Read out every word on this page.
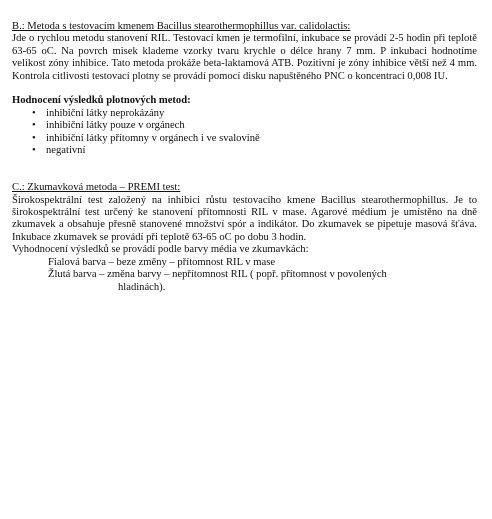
B.: Metoda s testovacím kmenem Bacillus stearothermophillus var. calidolactis:

Jde o rychlou metodu stanovení RIL. Testovací kmen je termofilní, inkubace se provádí 2-5 hodin při teplotě 63-65 oC. Na povrch misek klademe vzorky tvaru krychle o délce hrany 7 mm. P inkubaci hodnotíme velikost zóny inhibice. Tato metoda prokáže beta-laktamová ATB. Pozitivní je zóny inhibice větší než 4 mm. Kontrola citlivosti testovací plotny se provádí pomocí disku napuštěného PNC o koncentraci 0,008 IU.

Hodnocení výsledků plotnových metod:

• inhibiční látky neprokázány
• inhibiční látky pouze v orgánech
• inhibiční látky přítomny v orgánech i ve svalovině
• negativní

C.: Zkumavková metoda – PREMI test:

Širokospektrální test založený na inhibici růstu testovacího kmene Bacillus stearothermophillus. Je to širokospektrální test určený ke stanovení přítomnosti RIL v mase. Agarové médium je umístěno na dně zkumavek a obsahuje přesně stanovené množství spór a indikátor. Do zkumavek se pipetuje masová šťáva. Inkubace zkumavek se provádí při teplotě 63-65 oC po dobu 3 hodin.

Vyhodnocení výsledků se provádí podle barvy média ve zkumavkách:

Fialová barva – beze změny – přítomnost RIL v mase

Žlutá barva – změna barvy – nepřítomnost RIL ( popř. přítomnost v povolených

hladinách).
